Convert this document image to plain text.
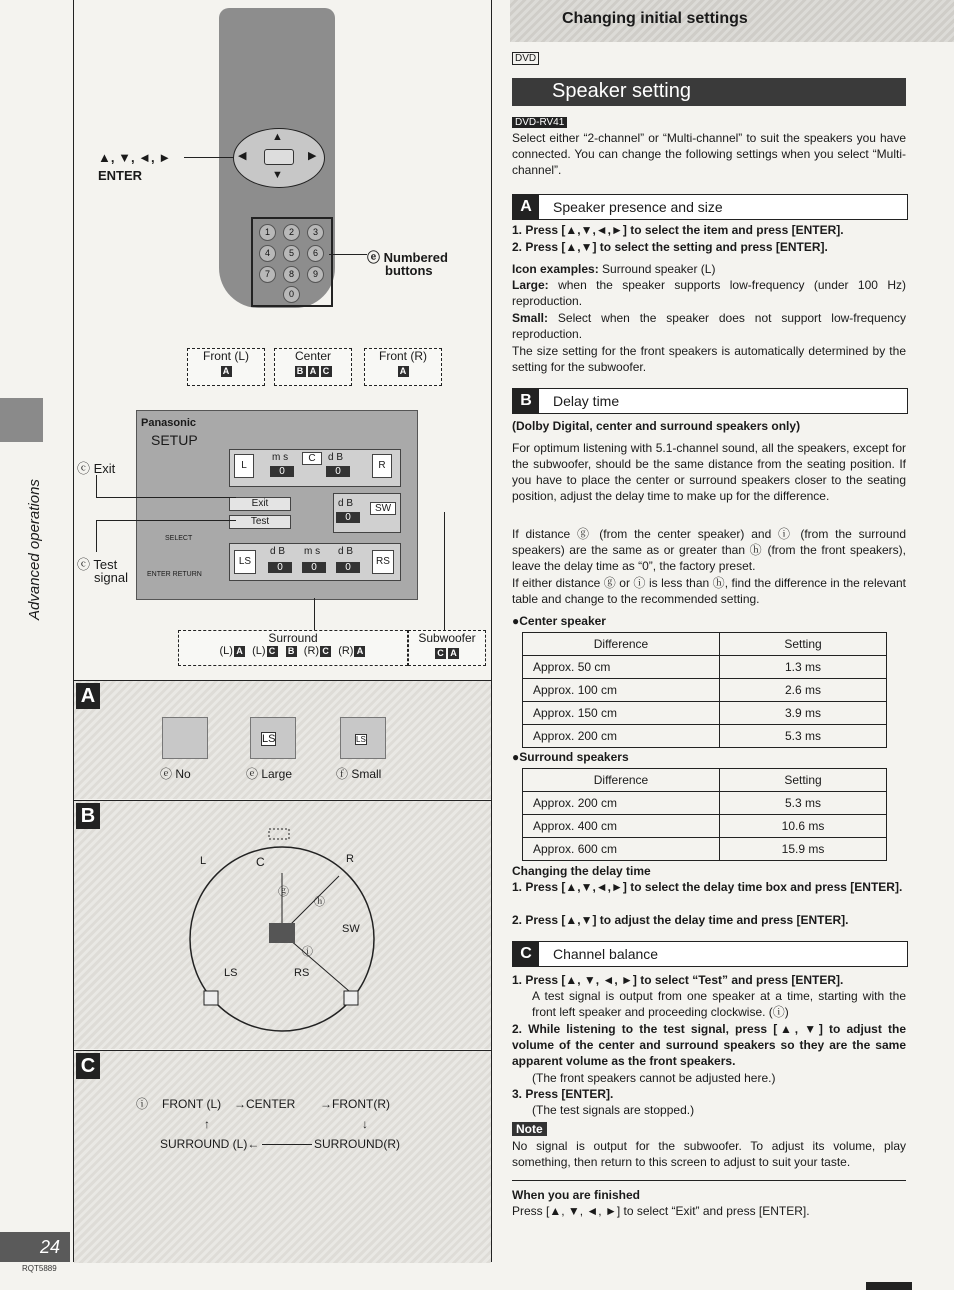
Advanced operations
24
RQT5889
▲
▼
◀	▶
1	2	3
4	5	6
7	8	9
0
▲, ▼, ◄, ►
ENTER
ⓔ Numbered
buttons
Front (L)
A
Center
B A C
Front (R)
A
Panasonic
SETUP
L
m s
0
C	d B
0
R
Exit
Test
d B
0
SW
SELECT
ENTER RETURN
LS
d B
0
m s
0
d B
0
RS
ⓒ Exit
ⓒ Test
signal
Surround
(L) A (L) C B (R) C (R) A
Subwoofer
C A
A
LS	LS
ⓔ No	ⓔ Large	ⓕ Small
B
L	C	R
ⓖ
ⓗ
ⓘ
SW
LS	RS
C
ⓘ FRONT (L) →CENTER →FRONT(R)
↑	↓
SURROUND (L)←	SURROUND(R)
Changing initial settings
DVD
Speaker setting
DVD-RV41
Select either “2-channel” or “Multi-channel” to suit the speakers you have connected. You can change the following settings when you select “Multi-channel”.
A	Speaker presence and size
1. Press [▲,▼,◄,►] to select the item and press [ENTER].
2. Press [▲,▼] to select the setting and press [ENTER].
Icon examples: Surround speaker (L)
Large: when the speaker supports low-frequency (under 100 Hz) reproduction.
Small: Select when the speaker does not support low-frequency reproduction.
The size setting for the front speakers is automatically determined by the setting for the subwoofer.
B	Delay time
(Dolby Digital, center and surround speakers only)
For optimum listening with 5.1-channel sound, all the speakers, except for the subwoofer, should be the same distance from the seating position. If you have to place the center or surround speakers closer to the seating position, adjust the delay time to make up for the difference.
If distance ⓖ (from the center speaker) and ⓘ (from the surround speakers) are the same as or greater than ⓗ (from the front speakers), leave the delay time as “0”, the factory preset.
If either distance ⓖ or ⓘ is less than ⓗ, find the difference in the relevant table and change to the recommended setting.
●Center speaker
Difference	Setting
Approx. 50 cm	1.3 ms
Approx. 100 cm	2.6 ms
Approx. 150 cm	3.9 ms
Approx. 200 cm	5.3 ms
●Surround speakers
Difference	Setting
Approx. 200 cm	5.3 ms
Approx. 400 cm	10.6 ms
Approx. 600 cm	15.9 ms
Changing the delay time
1. Press [▲,▼,◄,►] to select the delay time box and press [ENTER].
2. Press [▲,▼] to adjust the delay time and press [ENTER].
C	Channel balance
1. Press [▲, ▼, ◄, ►] to select “Test” and press [ENTER].
A test signal is output from one speaker at a time, starting with the front left speaker and proceeding clockwise. (ⓘ)
2. While listening to the test signal, press [▲, ▼] to adjust the volume of the center and surround speakers so they are the same apparent volume as the front speakers.
(The front speakers cannot be adjusted here.)
3. Press [ENTER].
(The test signals are stopped.)
Note
No signal is output for the subwoofer. To adjust its volume, play something, then return to this screen to adjust to suit your taste.
When you are finished
Press [▲, ▼, ◄, ►] to select “Exit” and press [ENTER].
